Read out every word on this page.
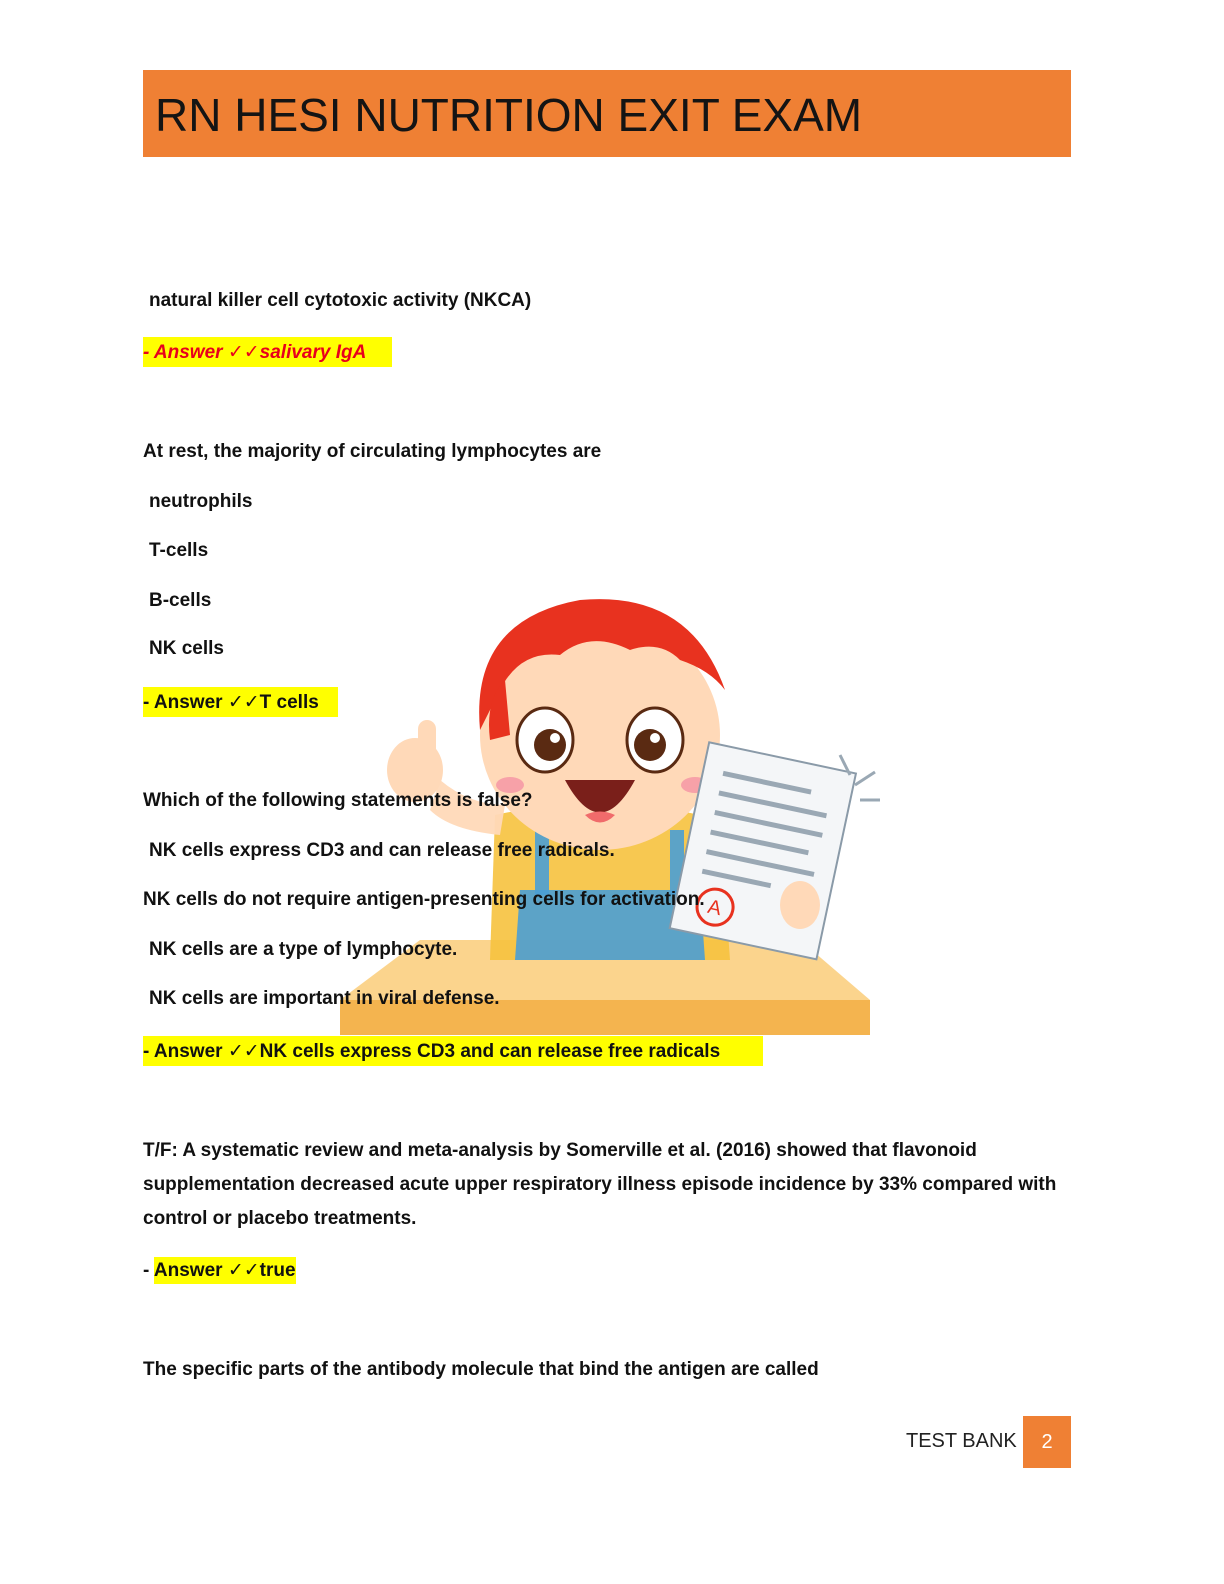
RN HESI NUTRITION EXIT EXAM
A
natural killer cell cytotoxic activity (NKCA)
- Answer ✓✓salivary IgA
At rest, the majority of circulating lymphocytes are
neutrophils
T-cells
B-cells
NK cells
- Answer ✓✓T cells
Which of the following statements is false?
NK cells express CD3 and can release free radicals.
NK cells do not require antigen-presenting cells for activation.
NK cells are a type of lymphocyte.
NK cells are important in viral defense.
- Answer ✓✓NK cells express CD3 and can release free radicals
T/F: A systematic review and meta-analysis by Somerville et al. (2016) showed that flavonoid supplementation decreased acute upper respiratory illness episode incidence by 33% compared with control or placebo treatments.
- Answer ✓✓true
The specific parts of the antibody molecule that bind the antigen are called
TEST BANK	2
